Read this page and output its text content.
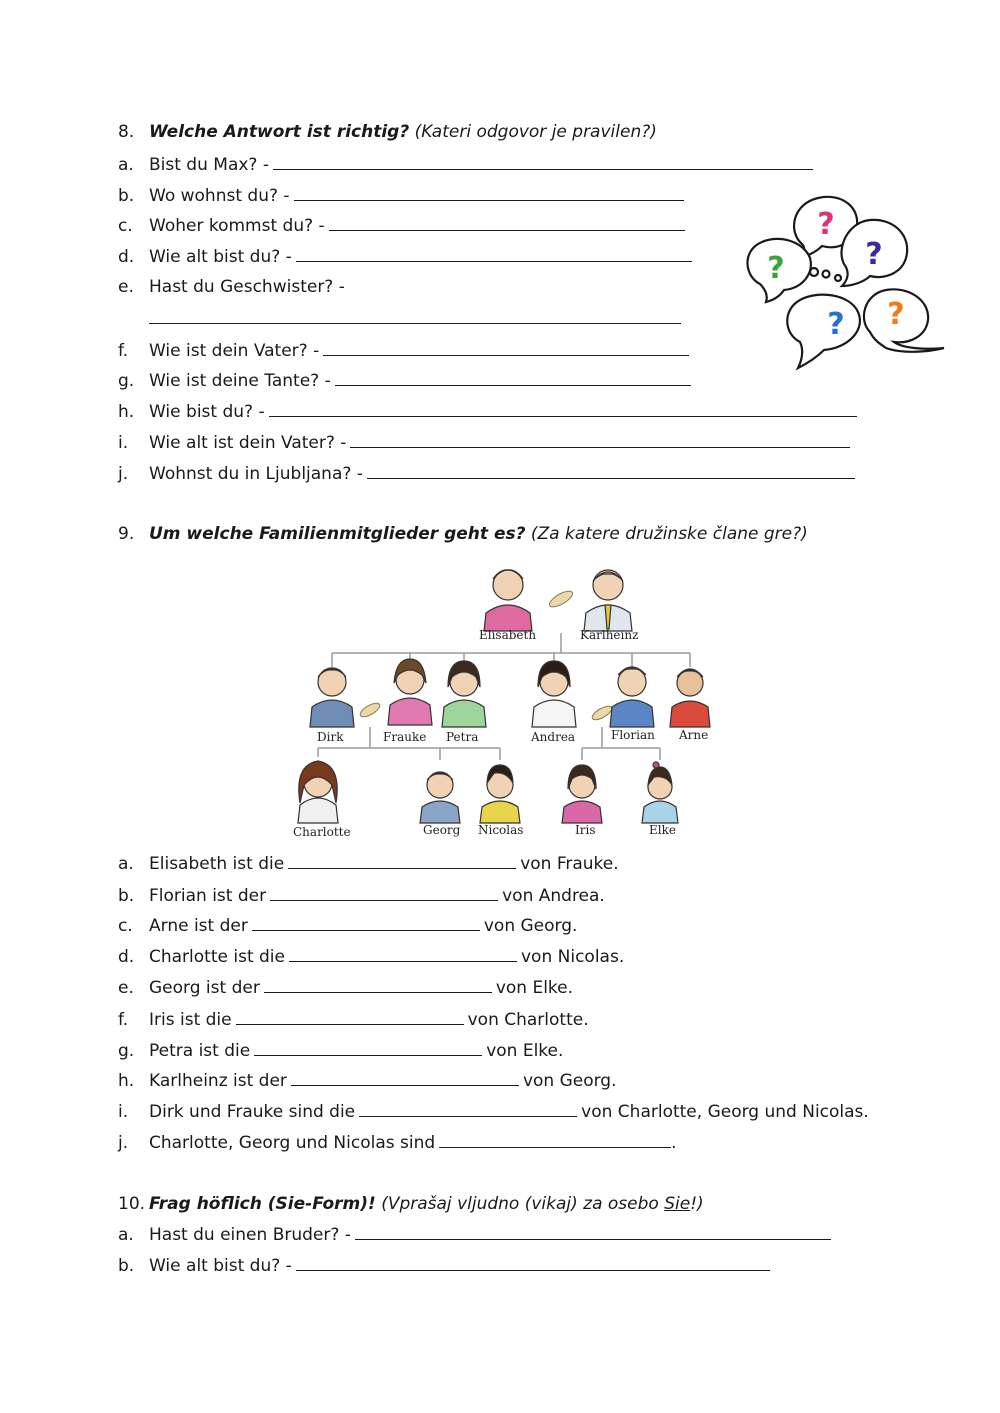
8. Welche Antwort ist richtig? (Kateri odgovor je pravilen?)
a. Bist du Max? -
b. Wo wohnst du? -
c. Woher kommst du? -
d. Wie alt bist du? -
e. Hast du Geschwister? -
f. Wie ist dein Vater? -
g. Wie ist deine Tante? -
h. Wie bist du? -
i. Wie alt ist dein Vater? -
j. Wohnst du in Ljubljana? -
?
?
?
? ?
9. Um welche Familienmitglieder geht es? (Za katere družinske člane gre?)
Elisabeth	Karlheinz
Dirk	Frauke Petra	Andrea	Florian Arne
Charlotte	Georg Nicolas	Iris	Elke
a. Elisabeth ist die	von Frauke.
b. Florian ist der	von Andrea.
c. Arne ist der	von Georg.
d. Charlotte ist die	von Nicolas.
e. Georg ist der	von Elke.
f. Iris ist die	von Charlotte.
g. Petra ist die	von Elke.
h. Karlheinz ist der	von Georg.
i. Dirk und Frauke sind die	von Charlotte, Georg und Nicolas.
j. Charlotte, Georg und Nicolas sind	.
10. Frag höflich (Sie-Form)! (Vprašaj vljudno (vikaj) za osebo Sie!)
a. Hast du einen Bruder? -
b. Wie alt bist du? -
